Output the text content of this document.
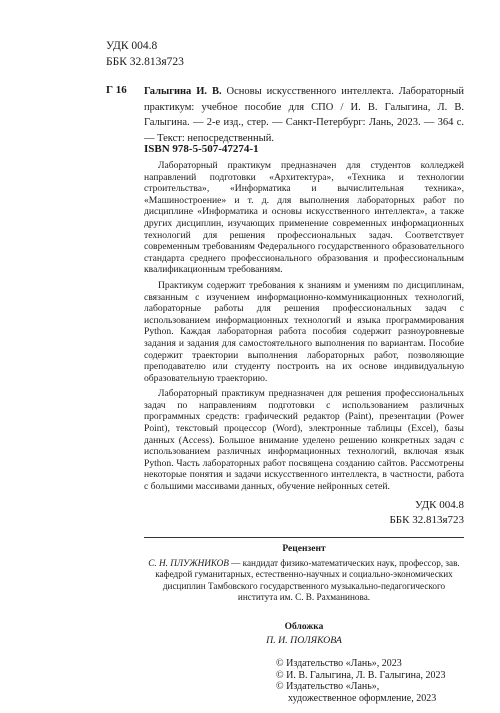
УДК 004.8
ББК 32.813я723
Г 16 Галыгина И. В. Основы искусственного интеллекта. Лабораторный практикум: учебное пособие для СПО / И. В. Галыгина, Л. В. Галыгина. — 2-е изд., стер. — Санкт-Петербург: Лань, 2023. — 364 с. — Текст: непосредственный.
ISBN 978-5-507-47274-1

Лабораторный практикум предназначен для студентов колледжей направлений подготовки «Архитектура», «Техника и технологии строительства», «Информатика и вычислительная техника», «Машиностроение» и т. д. для выполнения лабораторных работ по дисциплине «Информатика и основы искусственного интеллекта», а также других дисциплин, изучающих применение современных информационных технологий для решения профессиональных задач. Соответствует современным требованиям Федерального государственного образовательного стандарта среднего профессионального образования и профессиональным квалификационным требованиям.

Практикум содержит требования к знаниям и умениям по дисциплинам, связанным с изучением информационно-коммуникационных технологий, лабораторные работы для решения профессиональных задач с использованием информационных технологий и языка программирования Python. Каждая лабораторная работа пособия содержит разноуровневые задания и задания для самостоятельного выполнения по вариантам. Пособие содержит траектории выполнения лабораторных работ, позволяющие преподавателю или студенту построить на их основе индивидуальную образовательную траекторию.

Лабораторный практикум предназначен для решения профессиональных задач по направлениям подготовки с использованием различных программных средств: графический редактор (Paint), презентации (Power Point), текстовый процессор (Word), электронные таблицы (Excel), базы данных (Access). Большое внимание уделено решению конкретных задач с использованием различных информационных технологий, включая язык Python. Часть лабораторных работ посвящена созданию сайтов. Рассмотрены некоторые понятия и задачи искусственного интеллекта, в частности, работа с большими массивами данных, обучение нейронных сетей.

УДК 004.8
ББК 32.813я723
Рецензент
С. Н. ПЛУЖНИКОВ — кандидат физико-математических наук, профессор, зав. кафедрой гуманитарных, естественно-научных и социально-экономических дисциплин Тамбовского государственного музыкально-педагогического института им. С. В. Рахманинова.
Обложка
П. И. ПОЛЯКОВА
© Издательство «Лань», 2023
© И. В. Галыгина, Л. В. Галыгина, 2023
© Издательство «Лань»,
художественное оформление, 2023
